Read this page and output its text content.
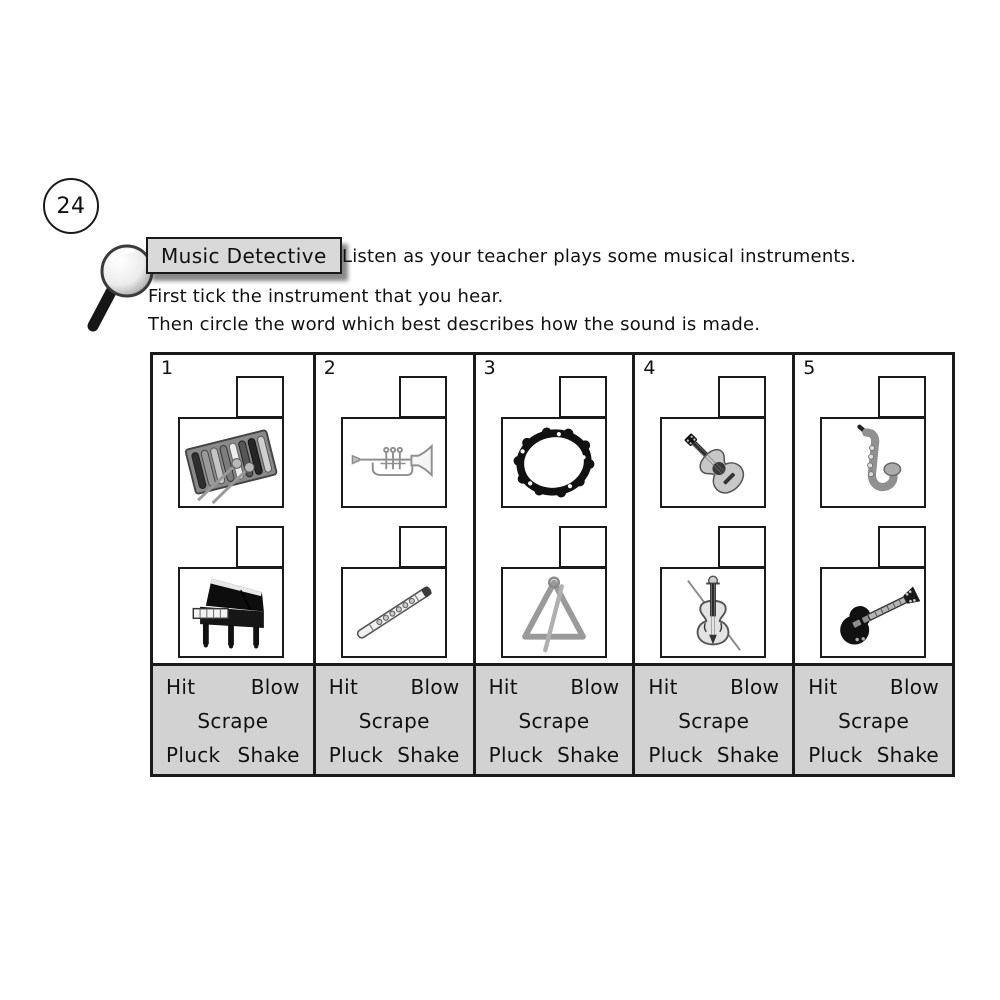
24
Music Detective Listen as your teacher plays some musical instruments.
First tick the instrument that you hear.
Then circle the word which best describes how the sound is made.
1
Hit	Blow
Scrape
Pluck Shake
2
Hit	Blow
Scrape
Pluck Shake
3
Hit	Blow
Scrape
Pluck Shake
4
Hit	Blow
Scrape
Pluck Shake
5
Hit	Blow
Scrape
Pluck Shake
